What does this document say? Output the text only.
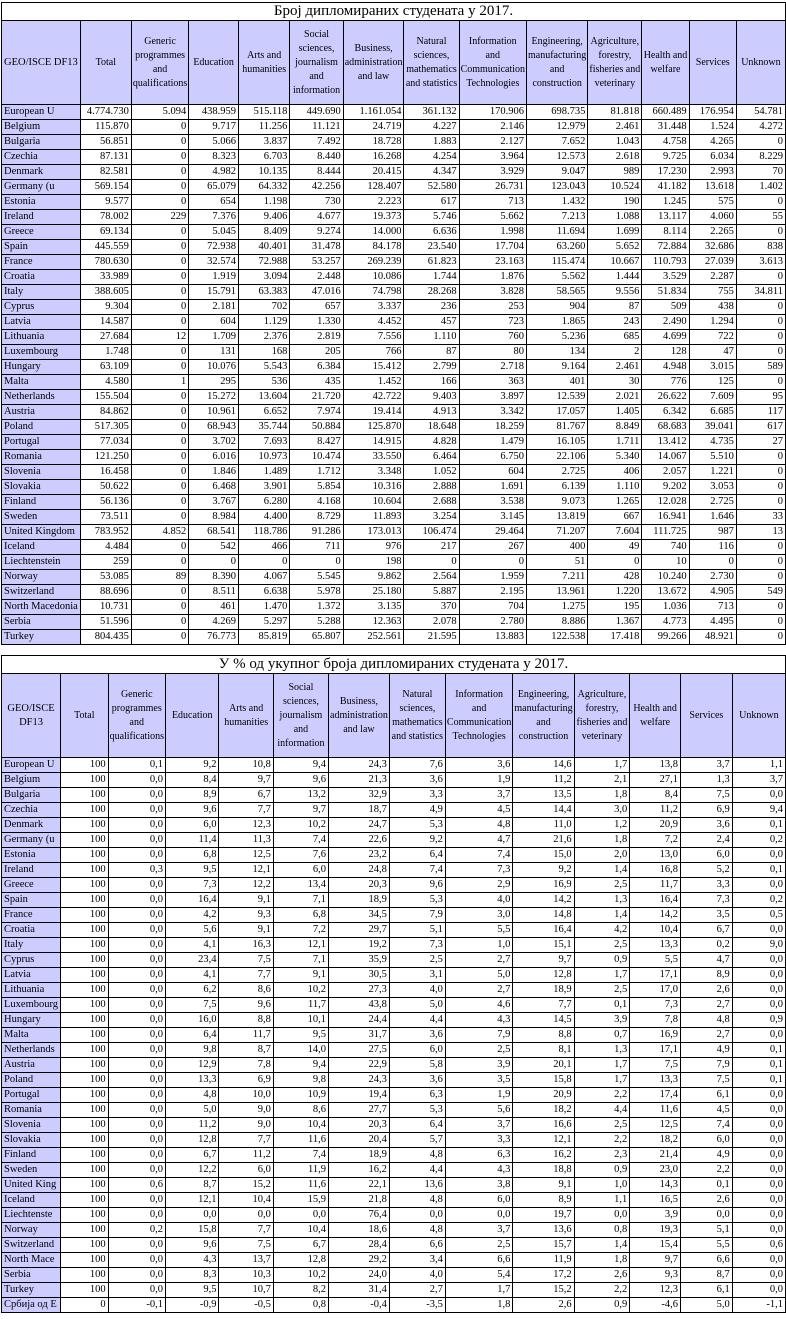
Број дипломираних студената у 2017.													
GEO/ISCE DF13	Total	Generic programmes and qualifications	Education	Arts and humanities	Social sciences, journalism and information	Business, administration and law	Natural sciences, mathematics and statistics	Information and Communication Technologies	Engineering, manufacturing and construction	Agriculture, forestry, fisheries and veterinary	Health and welfare	Services	Unknown
European U	4.774.730	5.094	438.959	515.118	449.690	1.161.054	361.132	170.906	698.735	81.818	660.489	176.954	54.781
Belgium	115.870	0	9.717	11.256	11.121	24.719	4.227	2.146	12.979	2.461	31.448	1.524	4.272
Bulgaria	56.851	0	5.066	3.837	7.492	18.728	1.883	2.127	7.652	1.043	4.758	4.265	0
Czechia	87.131	0	8.323	6.703	8.440	16.268	4.254	3.964	12.573	2.618	9.725	6.034	8.229
Denmark	82.581	0	4.982	10.135	8.444	20.415	4.347	3.929	9.047	989	17.230	2.993	70
Germany (u	569.154	0	65.079	64.332	42.256	128.407	52.580	26.731	123.043	10.524	41.182	13.618	1.402
Estonia	9.577	0	654	1.198	730	2.223	617	713	1.432	190	1.245	575	0
Ireland	78.002	229	7.376	9.406	4.677	19.373	5.746	5.662	7.213	1.088	13.117	4.060	55
Greece	69.134	0	5.045	8.409	9.274	14.000	6.636	1.998	11.694	1.699	8.114	2.265	0
Spain	445.559	0	72.938	40.401	31.478	84.178	23.540	17.704	63.260	5.652	72.884	32.686	838
France	780.630	0	32.574	72.988	53.257	269.239	61.823	23.163	115.474	10.667	110.793	27.039	3.613
Croatia	33.989	0	1.919	3.094	2.448	10.086	1.744	1.876	5.562	1.444	3.529	2.287	0
Italy	388.605	0	15.791	63.383	47.016	74.798	28.268	3.828	58.565	9.556	51.834	755	34.811
Cyprus	9.304	0	2.181	702	657	3.337	236	253	904	87	509	438	0
Latvia	14.587	0	604	1.129	1.330	4.452	457	723	1.865	243	2.490	1.294	0
Lithuania	27.684	12	1.709	2.376	2.819	7.556	1.110	760	5.236	685	4.699	722	0
Luxembourg	1.748	0	131	168	205	766	87	80	134	2	128	47	0
Hungary	63.109	0	10.076	5.543	6.384	15.412	2.799	2.718	9.164	2.461	4.948	3.015	589
Malta	4.580	1	295	536	435	1.452	166	363	401	30	776	125	0
Netherlands	155.504	0	15.272	13.604	21.720	42.722	9.403	3.897	12.539	2.021	26.622	7.609	95
Austria	84.862	0	10.961	6.652	7.974	19.414	4.913	3.342	17.057	1.405	6.342	6.685	117
Poland	517.305	0	68.943	35.744	50.884	125.870	18.648	18.259	81.767	8.849	68.683	39.041	617
Portugal	77.034	0	3.702	7.693	8.427	14.915	4.828	1.479	16.105	1.711	13.412	4.735	27
Romania	121.250	0	6.016	10.973	10.474	33.550	6.464	6.750	22.106	5.340	14.067	5.510	0
Slovenia	16.458	0	1.846	1.489	1.712	3.348	1.052	604	2.725	406	2.057	1.221	0
Slovakia	50.622	0	6.468	3.901	5.854	10.316	2.888	1.691	6.139	1.110	9.202	3.053	0
Finland	56.136	0	3.767	6.280	4.168	10.604	2.688	3.538	9.073	1.265	12.028	2.725	0
Sweden	73.511	0	8.984	4.400	8.729	11.893	3.254	3.145	13.819	667	16.941	1.646	33
United Kingdom	783.952	4.852	68.541	118.786	91.286	173.013	106.474	29.464	71.207	7.604	111.725	987	13
Iceland	4.484	0	542	466	711	976	217	267	400	49	740	116	0
Liechtenstein	259	0	0	0	0	198	0	0	51	0	10	0	0
Norway	53.085	89	8.390	4.067	5.545	9.862	2.564	1.959	7.211	428	10.240	2.730	0
Switzerland	88.696	0	8.511	6.638	5.978	25.180	5.887	2.195	13.961	1.220	13.672	4.905	549
North Macedonia	10.731	0	461	1.470	1.372	3.135	370	704	1.275	195	1.036	713	0
Serbia	51.596	0	4.269	5.297	5.288	12.363	2.078	2.780	8.886	1.367	4.773	4.495	0
Turkey	804.435	0	76.773	85.819	65.807	252.561	21.595	13.883	122.538	17.418	99.266	48.921	0
У % од укупног броја дипломираних студената у 2017.													
GEO/ISCE DF13	Total	Generic programmes and qualifications	Education	Arts and humanities	Social sciences, journalism and information	Business, administration and law	Natural sciences, mathematics and statistics	Information and Communication Technologies	Engineering, manufacturing and construction	Agriculture, forestry, fisheries and veterinary	Health and welfare	Services	Unknown
European U	100	0,1	9,2	10,8	9,4	24,3	7,6	3,6	14,6	1,7	13,8	3,7	1,1
Belgium	100	0,0	8,4	9,7	9,6	21,3	3,6	1,9	11,2	2,1	27,1	1,3	3,7
Bulgaria	100	0,0	8,9	6,7	13,2	32,9	3,3	3,7	13,5	1,8	8,4	7,5	0,0
Czechia	100	0,0	9,6	7,7	9,7	18,7	4,9	4,5	14,4	3,0	11,2	6,9	9,4
Denmark	100	0,0	6,0	12,3	10,2	24,7	5,3	4,8	11,0	1,2	20,9	3,6	0,1
Germany (u	100	0,0	11,4	11,3	7,4	22,6	9,2	4,7	21,6	1,8	7,2	2,4	0,2
Estonia	100	0,0	6,8	12,5	7,6	23,2	6,4	7,4	15,0	2,0	13,0	6,0	0,0
Ireland	100	0,3	9,5	12,1	6,0	24,8	7,4	7,3	9,2	1,4	16,8	5,2	0,1
Greece	100	0,0	7,3	12,2	13,4	20,3	9,6	2,9	16,9	2,5	11,7	3,3	0,0
Spain	100	0,0	16,4	9,1	7,1	18,9	5,3	4,0	14,2	1,3	16,4	7,3	0,2
France	100	0,0	4,2	9,3	6,8	34,5	7,9	3,0	14,8	1,4	14,2	3,5	0,5
Croatia	100	0,0	5,6	9,1	7,2	29,7	5,1	5,5	16,4	4,2	10,4	6,7	0,0
Italy	100	0,0	4,1	16,3	12,1	19,2	7,3	1,0	15,1	2,5	13,3	0,2	9,0
Cyprus	100	0,0	23,4	7,5	7,1	35,9	2,5	2,7	9,7	0,9	5,5	4,7	0,0
Latvia	100	0,0	4,1	7,7	9,1	30,5	3,1	5,0	12,8	1,7	17,1	8,9	0,0
Lithuania	100	0,0	6,2	8,6	10,2	27,3	4,0	2,7	18,9	2,5	17,0	2,6	0,0
Luxembourg	100	0,0	7,5	9,6	11,7	43,8	5,0	4,6	7,7	0,1	7,3	2,7	0,0
Hungary	100	0,0	16,0	8,8	10,1	24,4	4,4	4,3	14,5	3,9	7,8	4,8	0,9
Malta	100	0,0	6,4	11,7	9,5	31,7	3,6	7,9	8,8	0,7	16,9	2,7	0,0
Netherlands	100	0,0	9,8	8,7	14,0	27,5	6,0	2,5	8,1	1,3	17,1	4,9	0,1
Austria	100	0,0	12,9	7,8	9,4	22,9	5,8	3,9	20,1	1,7	7,5	7,9	0,1
Poland	100	0,0	13,3	6,9	9,8	24,3	3,6	3,5	15,8	1,7	13,3	7,5	0,1
Portugal	100	0,0	4,8	10,0	10,9	19,4	6,3	1,9	20,9	2,2	17,4	6,1	0,0
Romania	100	0,0	5,0	9,0	8,6	27,7	5,3	5,6	18,2	4,4	11,6	4,5	0,0
Slovenia	100	0,0	11,2	9,0	10,4	20,3	6,4	3,7	16,6	2,5	12,5	7,4	0,0
Slovakia	100	0,0	12,8	7,7	11,6	20,4	5,7	3,3	12,1	2,2	18,2	6,0	0,0
Finland	100	0,0	6,7	11,2	7,4	18,9	4,8	6,3	16,2	2,3	21,4	4,9	0,0
Sweden	100	0,0	12,2	6,0	11,9	16,2	4,4	4,3	18,8	0,9	23,0	2,2	0,0
United King	100	0,6	8,7	15,2	11,6	22,1	13,6	3,8	9,1	1,0	14,3	0,1	0,0
Iceland	100	0,0	12,1	10,4	15,9	21,8	4,8	6,0	8,9	1,1	16,5	2,6	0,0
Liechtenste	100	0,0	0,0	0,0	0,0	76,4	0,0	0,0	19,7	0,0	3,9	0,0	0,0
Norway	100	0,2	15,8	7,7	10,4	18,6	4,8	3,7	13,6	0,8	19,3	5,1	0,0
Switzerland	100	0,0	9,6	7,5	6,7	28,4	6,6	2,5	15,7	1,4	15,4	5,5	0,6
North Mace	100	0,0	4,3	13,7	12,8	29,2	3,4	6,6	11,9	1,8	9,7	6,6	0,0
Serbia	100	0,0	8,3	10,3	10,2	24,0	4,0	5,4	17,2	2,6	9,3	8,7	0,0
Turkey	100	0,0	9,5	10,7	8,2	31,4	2,7	1,7	15,2	2,2	12,3	6,1	0,0
Србија од Е	0	-0,1	-0,9	-0,5	0,8	-0,4	-3,5	1,8	2,6	0,9	-4,6	5,0	-1,1
